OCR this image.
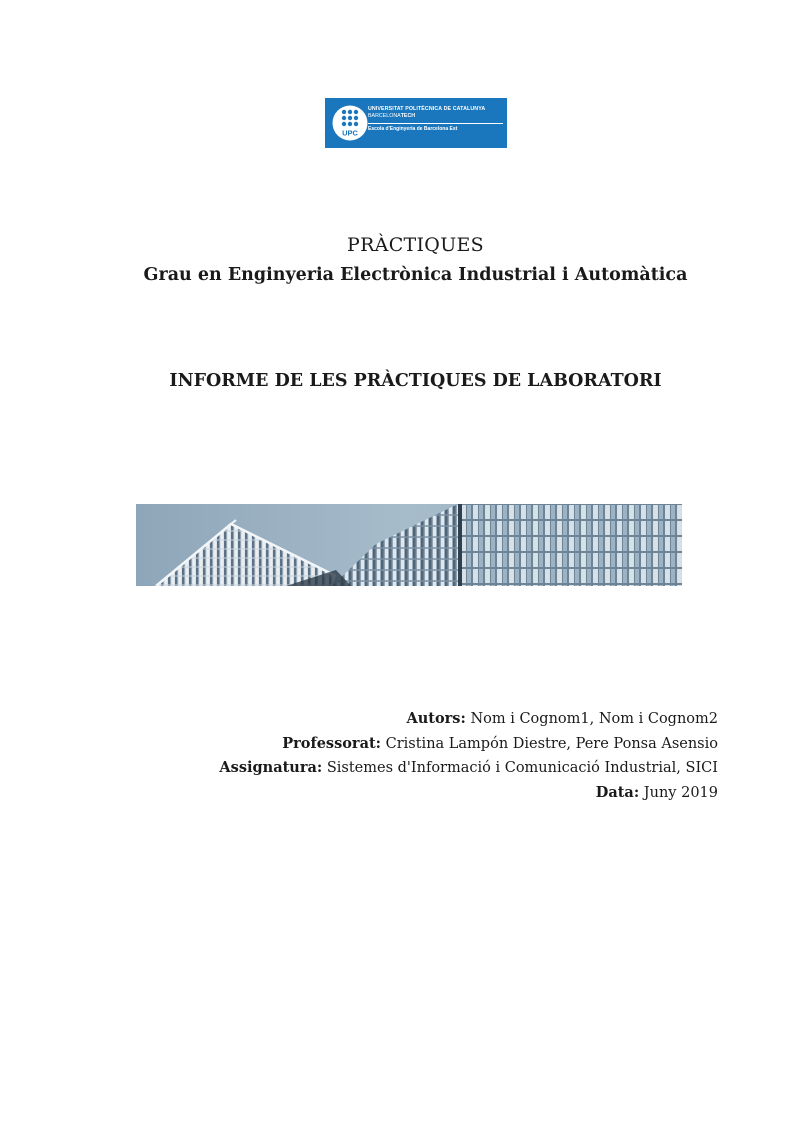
UPC
UNIVERSITAT POLITÈCNICA DE CATALUNYA
BARCELONATECH
Escola d'Enginyeria de Barcelona Est
PRÀCTIQUES
Grau en Enginyeria Electrònica Industrial i Automàtica
INFORME DE LES PRÀCTIQUES DE LABORATORI
Autors: Nom i Cognom1, Nom i Cognom2
Professorat: Cristina Lampón Diestre, Pere Ponsa Asensio
Assignatura: Sistemes d'Informació i Comunicació Industrial, SICI
Data: Juny 2019
